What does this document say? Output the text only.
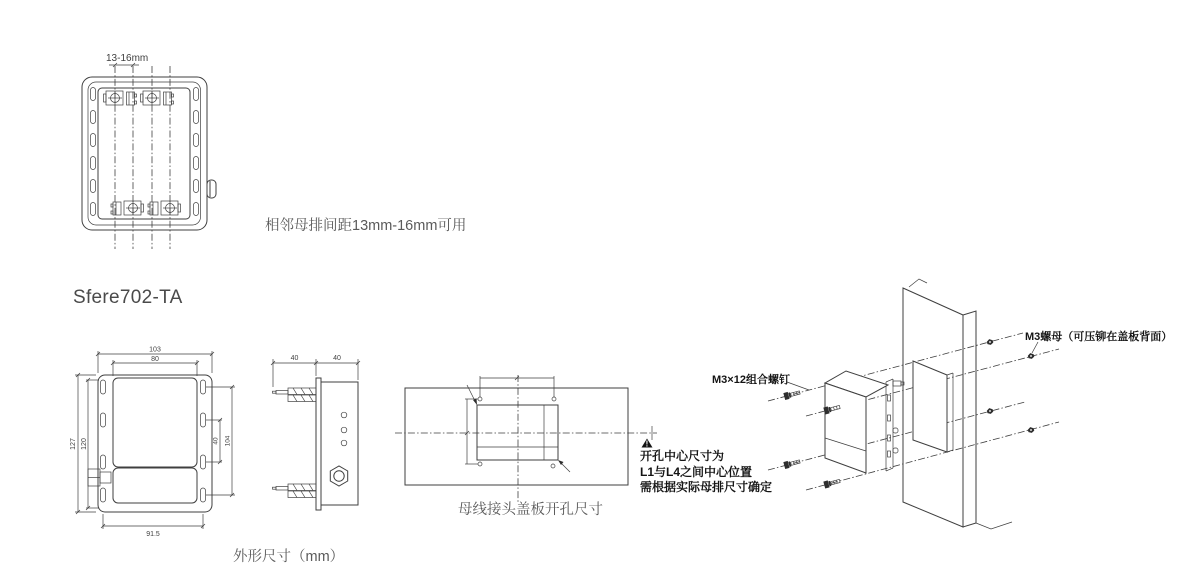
13-16mm
相邻母排间距13mm-16mm可用
Sfere702-TA
103
80
127 120	40 104
91.5
40	40
外形尺寸（mm）
母线接头盖板开孔尺寸
!
开孔中心尺寸为
L1与L4之间中心位置
需根据实际母排尺寸确定
M3×12组合螺钉
M3螺母（可压铆在盖板背面）
